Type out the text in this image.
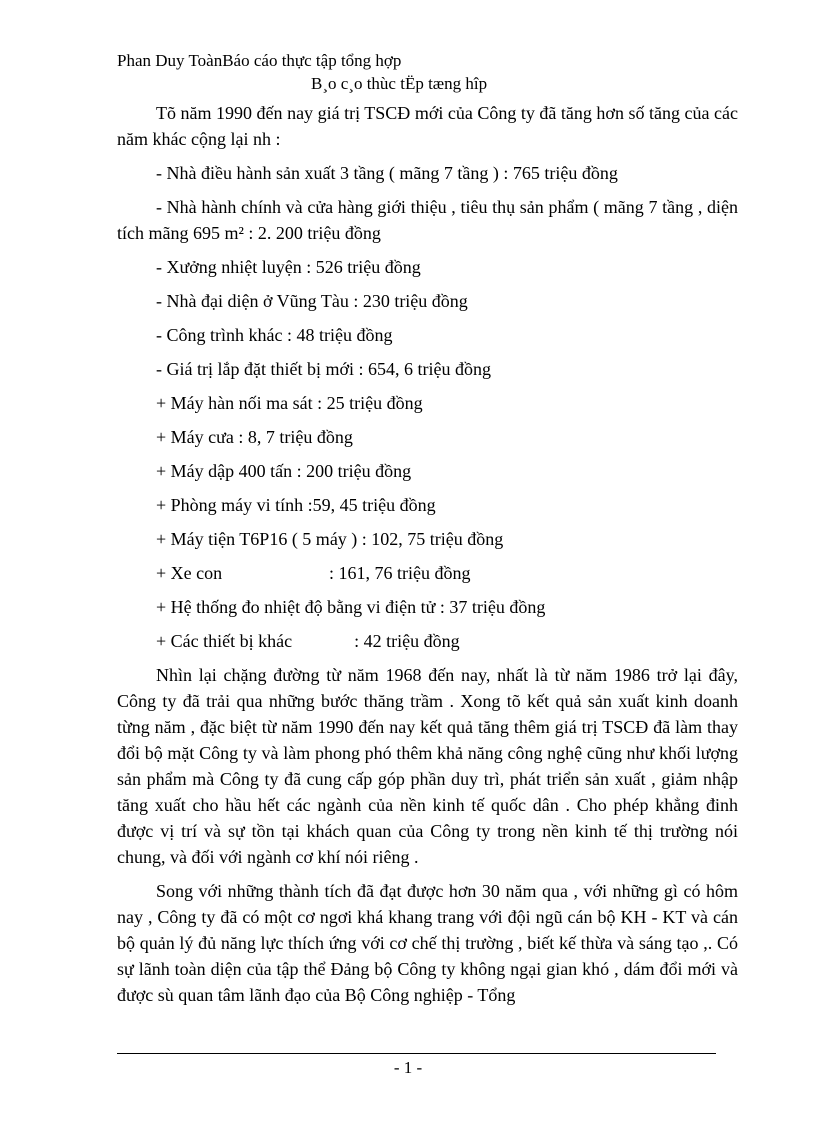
Phan Duy ToànBáo cáo thực tập tổng hợp
B¸o c¸o thùc tËp tæng hîp

Tõ năm 1990 đến nay giá trị TSCĐ mới của Công ty đã tăng hơn số tăng của các năm khác cộng lại nh :

- Nhà điều hành sản xuất 3 tầng ( mãng 7 tầng ) : 765 triệu đồng

- Nhà hành chính và cửa hàng giới thiệu , tiêu thụ sản phẩm ( mãng 7 tầng , diện tích mãng 695 m² : 2. 200 triệu đồng

- Xưởng nhiệt luyện : 526 triệu đồng

- Nhà đại diện ở Vũng Tàu : 230 triệu đồng

- Công trình khác : 48 triệu đồng

- Giá trị lắp đặt thiết bị mới : 654, 6 triệu đồng

+ Máy hàn nối ma sát : 25 triệu đồng

+ Máy cưa : 8, 7 triệu đồng

+ Máy dập 400 tấn : 200 triệu đồng

+ Phòng máy vi tính :59, 45 triệu đồng

+ Máy tiện T6P16 ( 5 máy ) : 102, 75 triệu đồng

+ Xe con	: 161, 76 triệu đồng

+ Hệ thống đo nhiệt độ bằng vi điện tử : 37 triệu đồng

+ Các thiết bị khác	: 42 triệu đồng

Nhìn lại chặng đường từ năm 1968 đến nay, nhất là từ năm 1986 trở lại đây, Công ty đã trải qua những bước thăng trầm . Xong tõ kết quả sản xuất kinh doanh từng năm , đặc biệt từ năm 1990 đến nay kết quả tăng thêm giá trị TSCĐ đã làm thay đổi bộ mặt Công ty và làm phong phó thêm khả năng công nghệ cũng như khối lượng sản phẩm mà Công ty đã cung cấp góp phần duy trì, phát triển sản xuất , giảm nhập tăng xuất cho hầu hết các ngành của nền kinh tế quốc dân . Cho phép khẳng đinh được vị trí và sự tồn tại khách quan của Công ty trong nền kinh tế thị trường nói chung, và đối với ngành cơ khí nói riêng .

Song với những thành tích đã đạt được hơn 30 năm qua , với những gì có hôm nay , Công ty đã có một cơ ngơi khá khang trang với đội ngũ cán bộ KH - KT và cán bộ quản lý đủ năng lực thích ứng với cơ chế thị trường , biết kế thừa và sáng tạo ,. Có sự lãnh toàn diện của tập thể Đảng bộ Công ty không ngại gian khó , dám đổi mới và được sù quan tâm lãnh đạo của Bộ Công nghiệp - Tổng

- 1 -
